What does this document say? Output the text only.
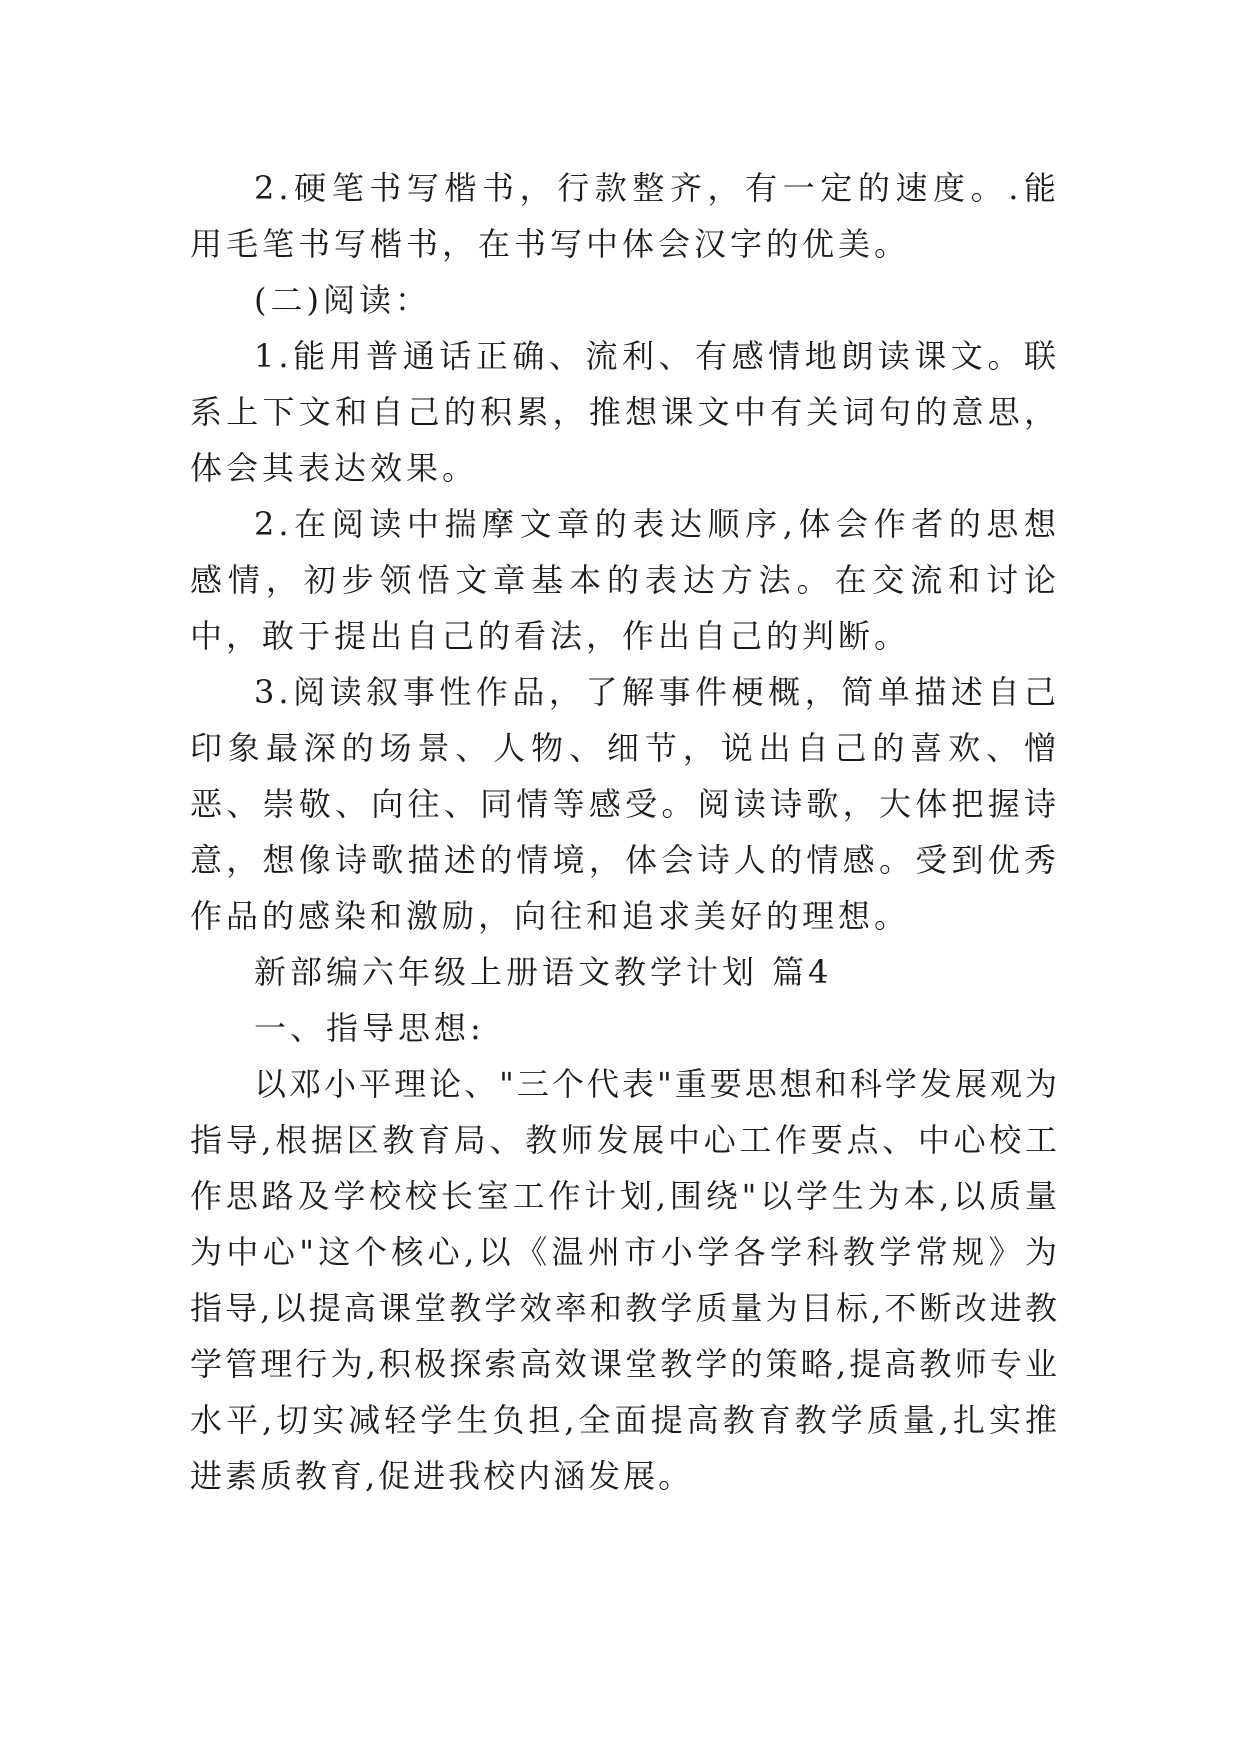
2.硬笔书写楷书，行款整齐，有一定的速度。.能用毛笔书写楷书，在书写中体会汉字的优美。

(二)阅读：

1.能用普通话正确、流利、有感情地朗读课文。联系上下文和自己的积累，推想课文中有关词句的意思，体会其表达效果。

2.在阅读中揣摩文章的表达顺序,体会作者的思想感情，初步领悟文章基本的表达方法。在交流和讨论中，敢于提出自己的看法，作出自己的判断。

3.阅读叙事性作品，了解事件梗概，简单描述自己印象最深的场景、人物、细节，说出自己的喜欢、憎恶、崇敬、向往、同情等感受。阅读诗歌，大体把握诗意，想像诗歌描述的情境，体会诗人的情感。受到优秀作品的感染和激励，向往和追求美好的理想。

新部编六年级上册语文教学计划 篇4

一、指导思想:

以邓小平理论、"三个代表"重要思想和科学发展观为指导,根据区教育局、教师发展中心工作要点、中心校工作思路及学校校长室工作计划,围绕"以学生为本,以质量为中心"这个核心,以《温州市小学各学科教学常规》为指导,以提高课堂教学效率和教学质量为目标,不断改进教学管理行为,积极探索高效课堂教学的策略,提高教师专业水平,切实减轻学生负担,全面提高教育教学质量,扎实推进素质教育,促进我校内涵发展。
